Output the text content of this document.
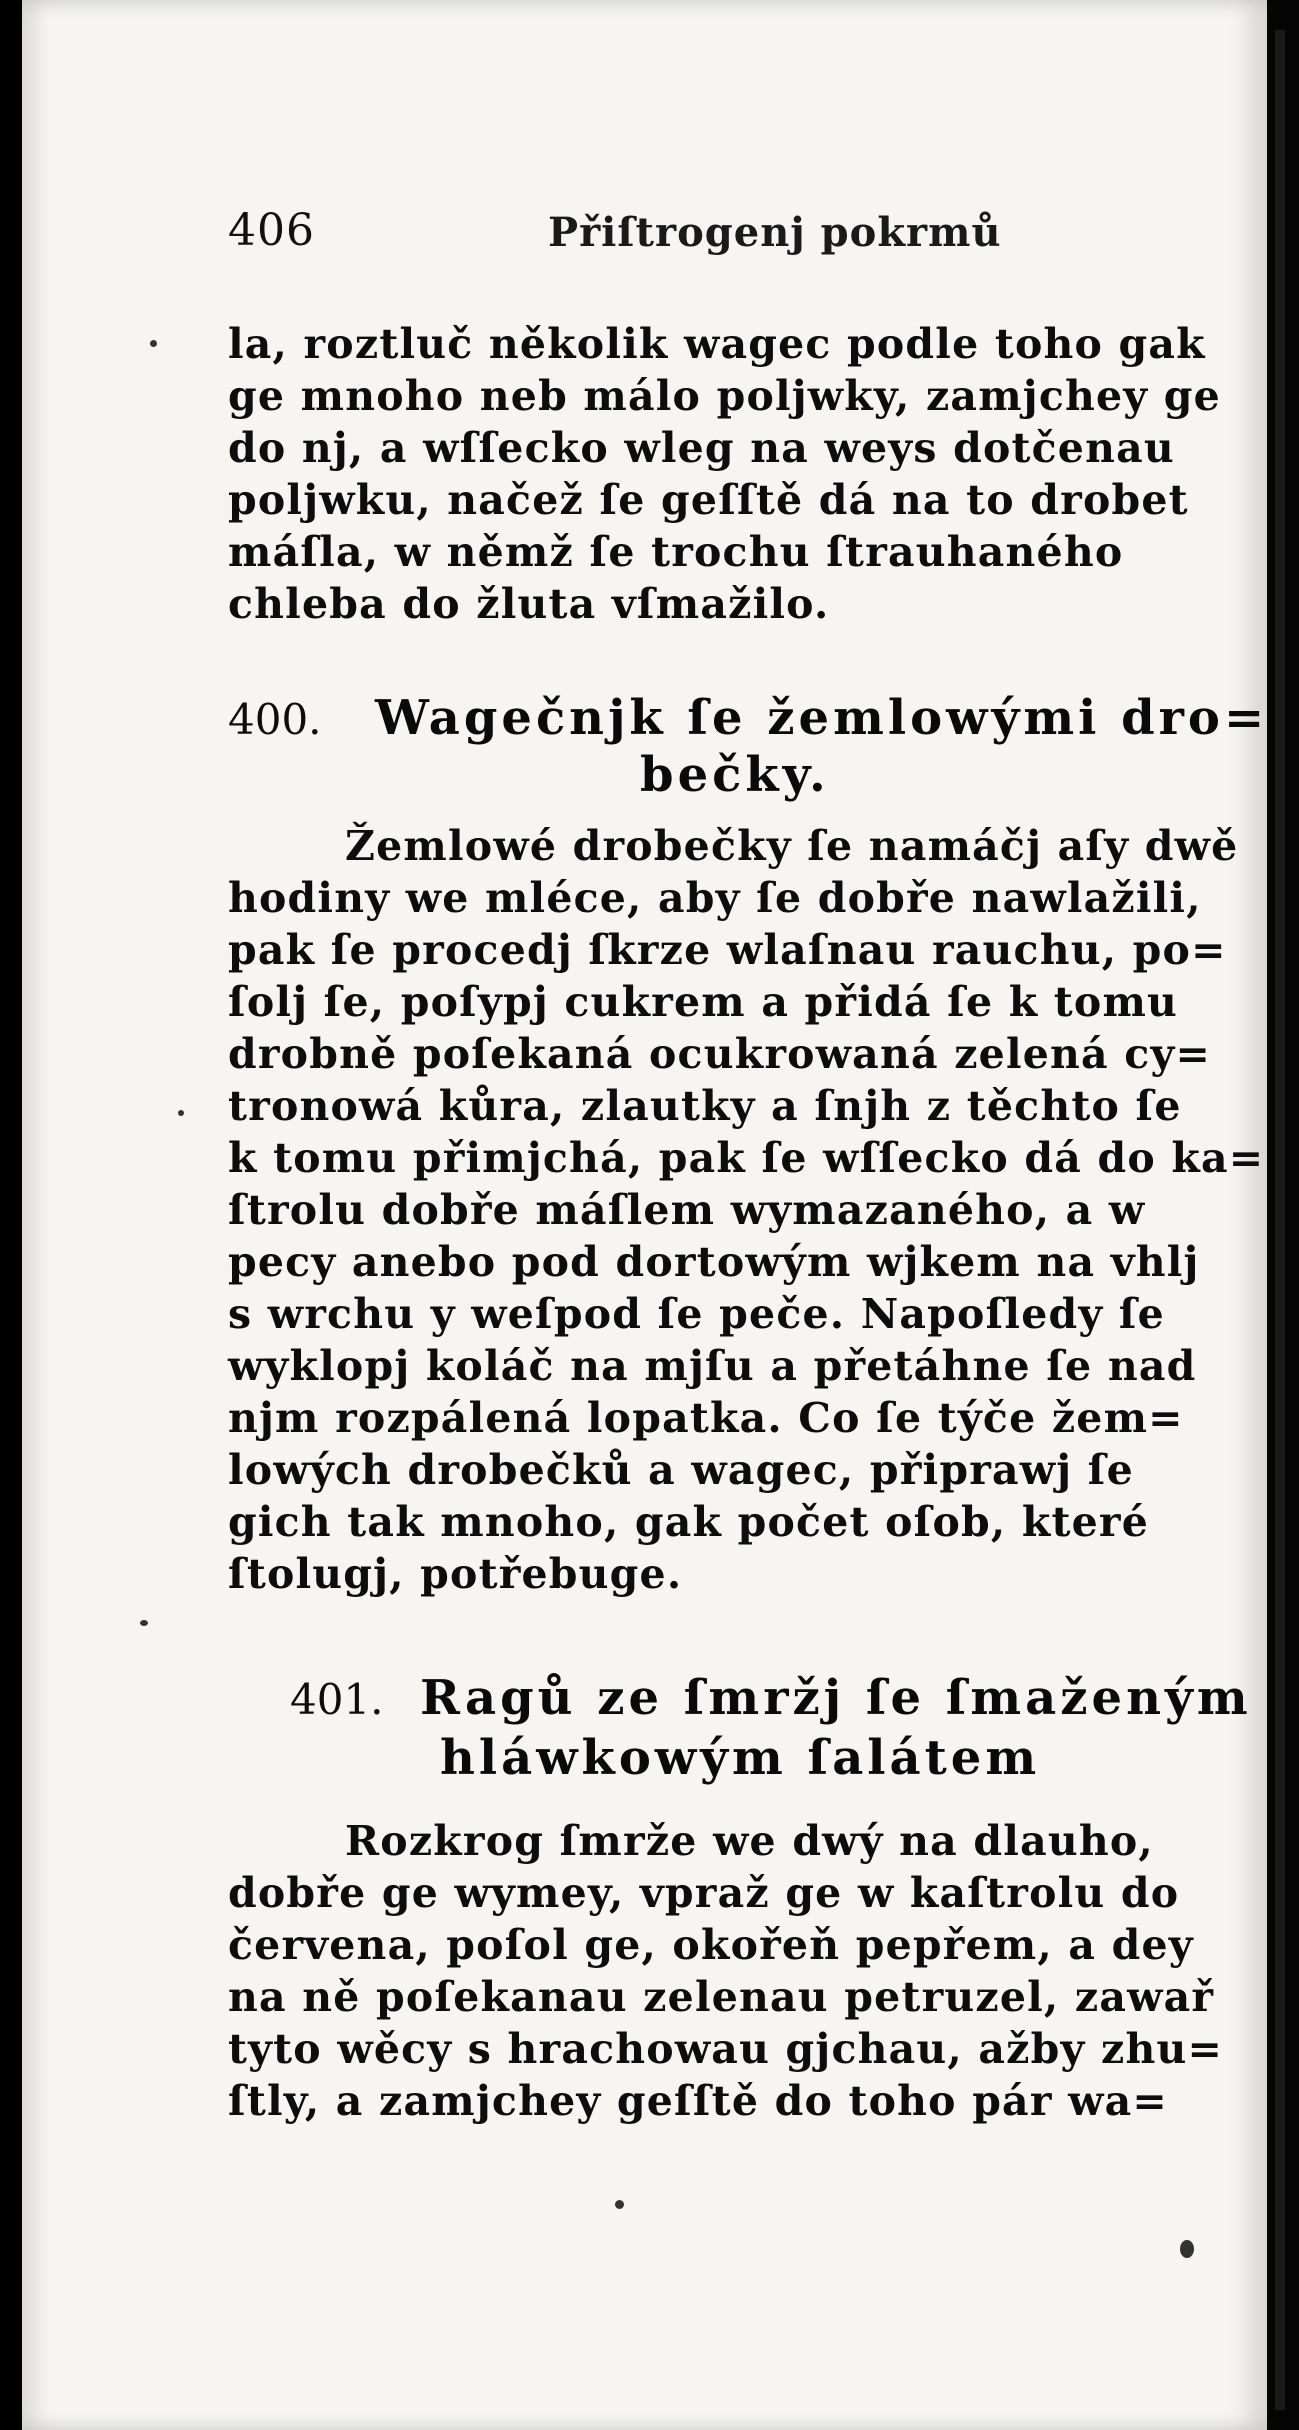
406	Přiſtrogenj pokrmů
la, roztluč několik wagec podle toho gak
ge mnoho neb málo poljwky, zamjchey ge
do nj, a wſſecko wleg na weys dotčenau
poljwku, načež ſe geſſtě dá na to drobet
máſla, w němž ſe trochu ſtrauhaného
chleba do žluta vſmažilo.
400. Wagečnjk ſe žemlowými dro=
bečky.
Žemlowé drobečky ſe namáčj aſy dwě
hodiny we mléce, aby ſe dobře nawlažili,
pak ſe procedj ſkrze wlaſnau rauchu, po=
ſolj ſe, poſypj cukrem a přidá ſe k tomu
drobně poſekaná ocukrowaná zelená cy=
tronowá kůra, zlautky a ſnjh z těchto ſe
k tomu přimjchá, pak ſe wſſecko dá do ka=
ſtrolu dobře máſlem wymazaného, a w
pecy anebo pod dortowým wjkem na vhlj
s wrchu y weſpod ſe peče. Napoſledy ſe
wyklopj koláč na mjſu a přetáhne ſe nad
njm rozpálená lopatka. Co ſe týče žem=
lowých drobečků a wagec, připrawj ſe
gich tak mnoho, gak počet oſob, které
ſtolugj, potřebuge.
401. Ragů ze ſmržj ſe ſmaženým
hláwkowým ſalátem
Rozkrog ſmrže we dwý na dlauho,
dobře ge wymey, vpraž ge w kaſtrolu do
červena, poſol ge, okořeň pepřem, a dey
na ně poſekanau zelenau petruzel, zawař
tyto wěcy s hrachowau gjchau, ažby zhu=
ſtly, a zamjchey geſſtě do toho pár wa=
